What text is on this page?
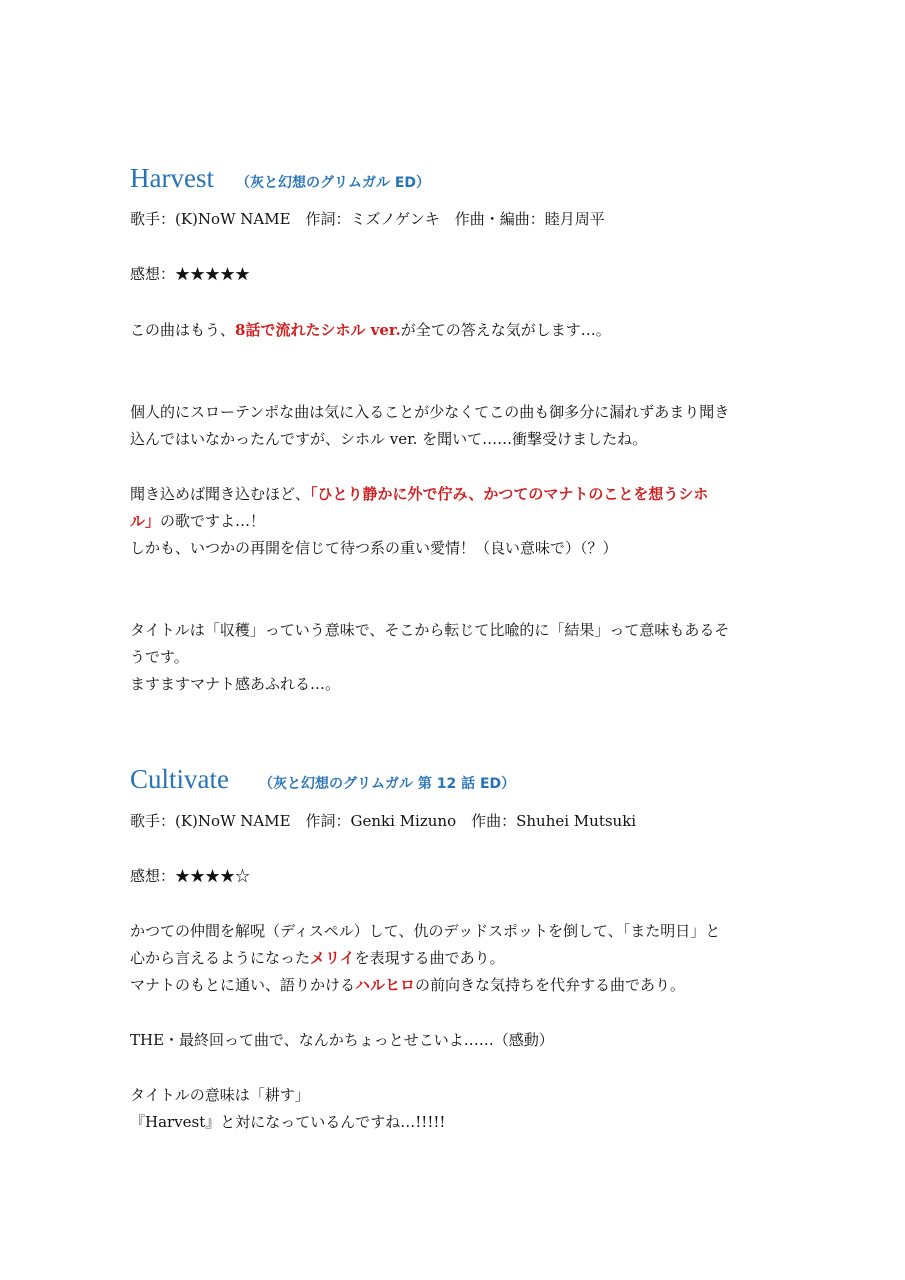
Harvest （灰と幻想のグリムガル ED）
歌手：(K)NoW NAME　作詞：ミズノゲンキ　作曲・編曲：睦月周平
感想：★★★★★
この曲はもう、8話で流れたシホル ver.が全ての答えな気がします…。
個人的にスローテンポな曲は気に入ることが少なくてこの曲も御多分に漏れずあまり聞き
込んではいなかったんですが、シホル ver. を聞いて……衝撃受けましたね。
聞き込めば聞き込むほど、「ひとり静かに外で佇み、かつてのマナトのことを想うシホ
ル」の歌ですよ…！
しかも、いつかの再開を信じて待つ系の重い愛情！（良い意味で）（？）
タイトルは「収穫」っていう意味で、そこから転じて比喩的に「結果」って意味もあるそ
うです。
ますますマナト感あふれる…。
Cultivate （灰と幻想のグリムガル 第 12 話 ED）
歌手：(K)NoW NAME　作詞：Genki Mizuno　作曲：Shuhei Mutsuki
感想：★★★★☆
かつての仲間を解呪（ディスペル）して、仇のデッドスポットを倒して、「また明日」と
心から言えるようになったメリイを表現する曲であり。
マナトのもとに通い、語りかけるハルヒロの前向きな気持ちを代弁する曲であり。
THE・最終回って曲で、なんかちょっとせこいよ……（感動）
タイトルの意味は「耕す」
『Harvest』と対になっているんですね…!!!!!
